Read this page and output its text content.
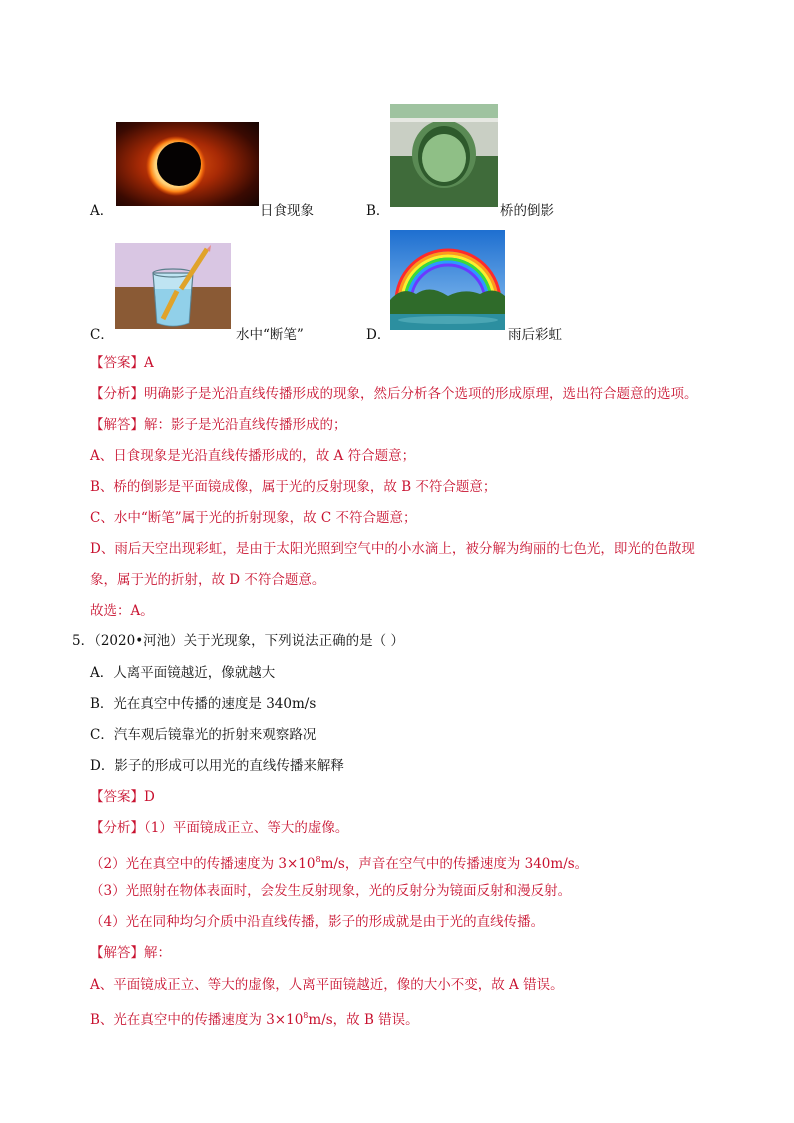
A．	日食现象	B．	桥的倒影
C．	水中“断笔”	D．	雨后彩虹
【答案】A
【分析】明确影子是光沿直线传播形成的现象，然后分析各个选项的形成原理，选出符合题意的选项。
【解答】解：影子是光沿直线传播形成的；
A、日食现象是光沿直线传播形成的，故 A 符合题意；
B、桥的倒影是平面镜成像，属于光的反射现象，故 B 不符合题意；
C、水中“断笔”属于光的折射现象，故 C 不符合题意；
D、雨后天空出现彩虹，是由于太阳光照到空气中的小水滴上，被分解为绚丽的七色光，即光的色散现
象，属于光的折射，故 D 不符合题意。
故选：A。
5．（2020•河池）关于光现象，下列说法正确的是（ ）
A．人离平面镜越近，像就越大
B．光在真空中传播的速度是 340m/s
C．汽车观后镜靠光的折射来观察路况
D．影子的形成可以用光的直线传播来解释
【答案】D
【分析】（1）平面镜成正立、等大的虚像。
（2）光在真空中的传播速度为 $3\times 10^8m/s$，声音在空气中的传播速度为 340m/s。
（3）光照射在物体表面时，会发生反射现象，光的反射分为镜面反射和漫反射。
（4）光在同种均匀介质中沿直线传播，影子的形成就是由于光的直线传播。
【解答】解：
A、平面镜成正立、等大的虚像，人离平面镜越近，像的大小不变，故 A 错误。
B、光在真空中的传播速度为 $3\times 10^8m/s$，故 B 错误。
